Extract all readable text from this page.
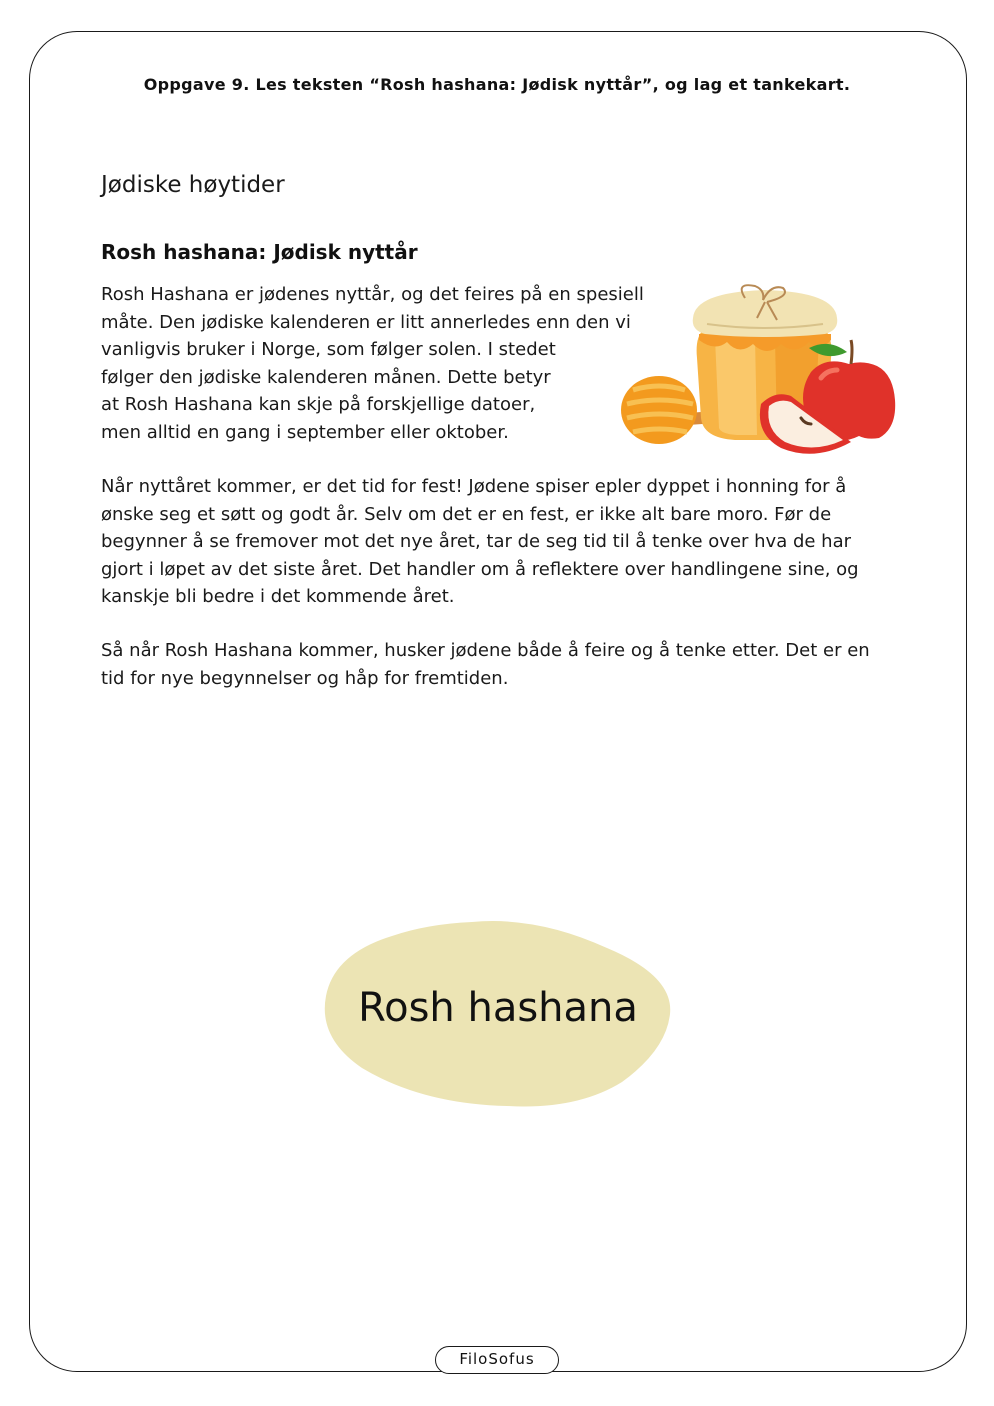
Oppgave 9. Les teksten “Rosh hashana: Jødisk nyttår”, og lag et tankekart.
Jødiske høytider
Rosh hashana: Jødisk nyttår

Rosh Hashana er jødenes nyttår, og det feires på en spesiell
måte. Den jødiske kalenderen er litt annerledes enn den vi
vanligvis bruker i Norge, som følger solen. I stedet
følger den jødiske kalenderen månen. Dette betyr
at Rosh Hashana kan skje på forskjellige datoer,
men alltid en gang i september eller oktober.

Når nyttåret kommer, er det tid for fest! Jødene spiser epler dyppet i honning for å
ønske seg et søtt og godt år. Selv om det er en fest, er ikke alt bare moro. Før de
begynner å se fremover mot det nye året, tar de seg tid til å tenke over hva de har
gjort i løpet av det siste året. Det handler om å reflektere over handlingene sine, og
kanskje bli bedre i det kommende året.

Så når Rosh Hashana kommer, husker jødene både å feire og å tenke etter. Det er en
tid for nye begynnelser og håp for fremtiden.

Rosh hashana
FiloSofus
